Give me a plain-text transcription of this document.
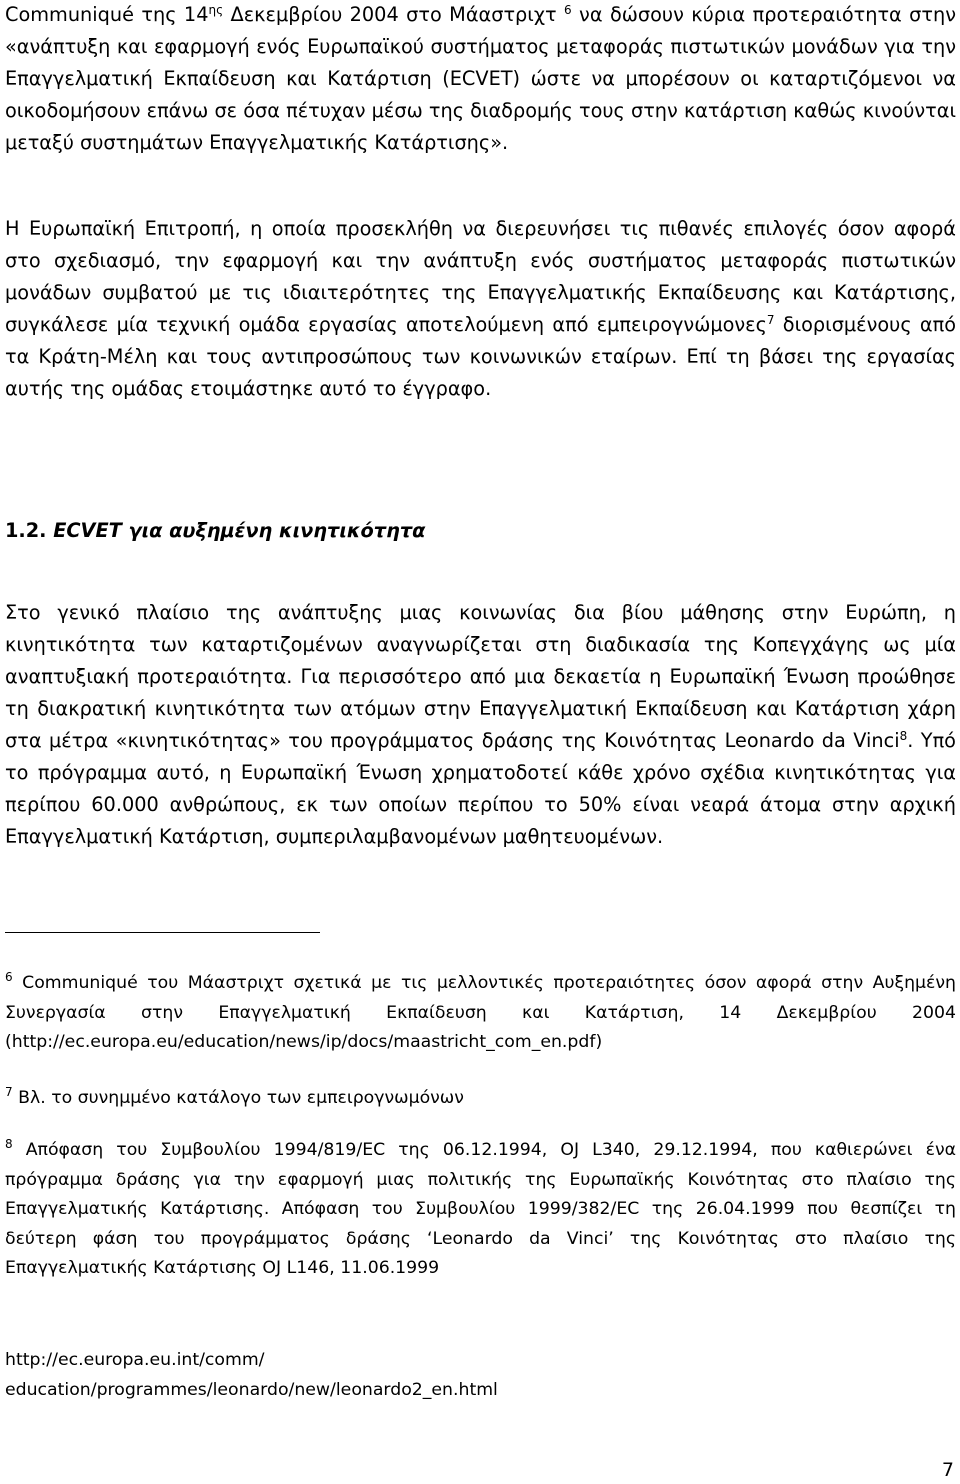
Communiqué της $14^{\eta\varsigma}$ Δεκεμβρίου 2004 στο Μάαστριχτ $^6$ να δώσουν κύρια προτεραιότητα στην «ανάπτυξη και εφαρμογή ενός Ευρωπαϊκού συστήματος μεταφοράς πιστωτικών μονάδων για την Επαγγελματική Εκπαίδευση και Κατάρτιση (ECVET) ώστε να μπορέσουν οι καταρτιζόμενοι να οικοδομήσουν επάνω σε όσα πέτυχαν μέσω της διαδρομής τους στην κατάρτιση καθώς κινούνται μεταξύ συστημάτων Επαγγελματικής Κατάρτισης».

Η Ευρωπαϊκή Επιτροπή, η οποία προσεκλήθη να διερευνήσει τις πιθανές επιλογές όσον αφορά στο σχεδιασμό, την εφαρμογή και την ανάπτυξη ενός συστήματος μεταφοράς πιστωτικών μονάδων συμβατού με τις ιδιαιτερότητες της Επαγγελματικής Εκπαίδευσης και Κατάρτισης, συγκάλεσε μία τεχνική ομάδα εργασίας αποτελούμενη από εμπειρογνώμονες$^7$ διορισμένους από τα Κράτη-Μέλη και τους αντιπροσώπους των κοινωνικών εταίρων. Επί τη βάσει της εργασίας αυτής της ομάδας ετοιμάστηκε αυτό το έγγραφο.

1.2. ECVET για αυξημένη κινητικότητα

Στο γενικό πλαίσιο της ανάπτυξης μιας κοινωνίας δια βίου μάθησης στην Ευρώπη, η κινητικότητα των καταρτιζομένων αναγνωρίζεται στη διαδικασία της Κοπεγχάγης ως μία αναπτυξιακή προτεραιότητα. Για περισσότερο από μια δεκαετία η Ευρωπαϊκή Ένωση προώθησε τη διακρατική κινητικότητα των ατόμων στην Επαγγελματική Εκπαίδευση και Κατάρτιση χάρη στα μέτρα «κινητικότητας» του προγράμματος δράσης της Κοινότητας Leonardo da Vinci$^8$. Υπό το πρόγραμμα αυτό, η Ευρωπαϊκή Ένωση χρηματοδοτεί κάθε χρόνο σχέδια κινητικότητας για περίπου 60.000 ανθρώπους, εκ των οποίων περίπου το 50% είναι νεαρά άτομα στην αρχική Επαγγελματική Κατάρτιση, συμπεριλαμβανομένων μαθητευομένων.

$^6$ Communiqué του Μάαστριχτ σχετικά με τις μελλοντικές προτεραιότητες όσον αφορά στην Αυξημένη Συνεργασία στην Επαγγελματική Εκπαίδευση και Κατάρτιση, 14 Δεκεμβρίου 2004 (http://ec.europa.eu/education/news/ip/docs/maastricht_com_en.pdf)

$^7$ Βλ. το συνημμένο κατάλογο των εμπειρογνωμόνων

$^8$ Απόφαση του Συμβουλίου 1994/819/EC της 06.12.1994, OJ L340, 29.12.1994, που καθιερώνει ένα πρόγραμμα δράσης για την εφαρμογή μιας πολιτικής της Ευρωπαϊκής Κοινότητας στο πλαίσιο της Επαγγελματικής Κατάρτισης. Απόφαση του Συμβουλίου 1999/382/EC της 26.04.1999 που θεσπίζει τη δεύτερη φάση του προγράμματος δράσης ‘Leonardo da Vinci’ της Κοινότητας στο πλαίσιο της Επαγγελματικής Κατάρτισης OJ L146, 11.06.1999

http://ec.europa.eu.int/comm/
education/programmes/leonardo/new/leonardo2_en.html

7
